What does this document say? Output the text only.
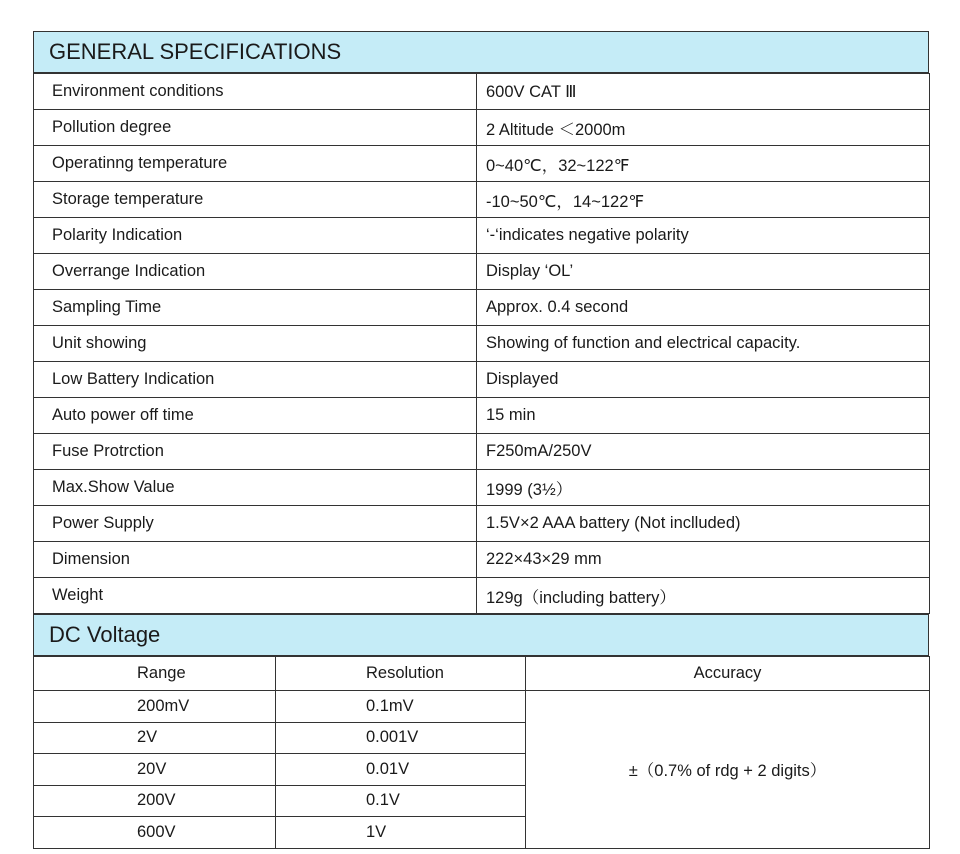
GENERAL SPECIFICATIONS
Environment conditions	600V CAT Ⅲ
Pollution degree	2 Altitude ＜2000m
Operatinng temperature	0~40℃，32~122℉
Storage temperature	-10~50℃，14~122℉
Polarity Indication	‘-‘indicates negative polarity
Overrange Indication	Display ‘OL’
Sampling Time	Approx. 0.4 second
Unit showing	Showing of function and electrical capacity.
Low Battery Indication	Displayed
Auto power off time	15 min
Fuse Protrction	F250mA/250V
Max.Show Value	1999 (3½）
Power Supply	1.5V×2 AAA battery (Not inclluded)
Dimension	222×43×29 mm
Weight	129g（including battery）
DC Voltage
Range	Resolution	Accuracy
200mV	0.1mV	±（0.7% of rdg + 2 digits）
2V	0.001V	
20V	0.01V	
200V	0.1V	
600V	1V	
